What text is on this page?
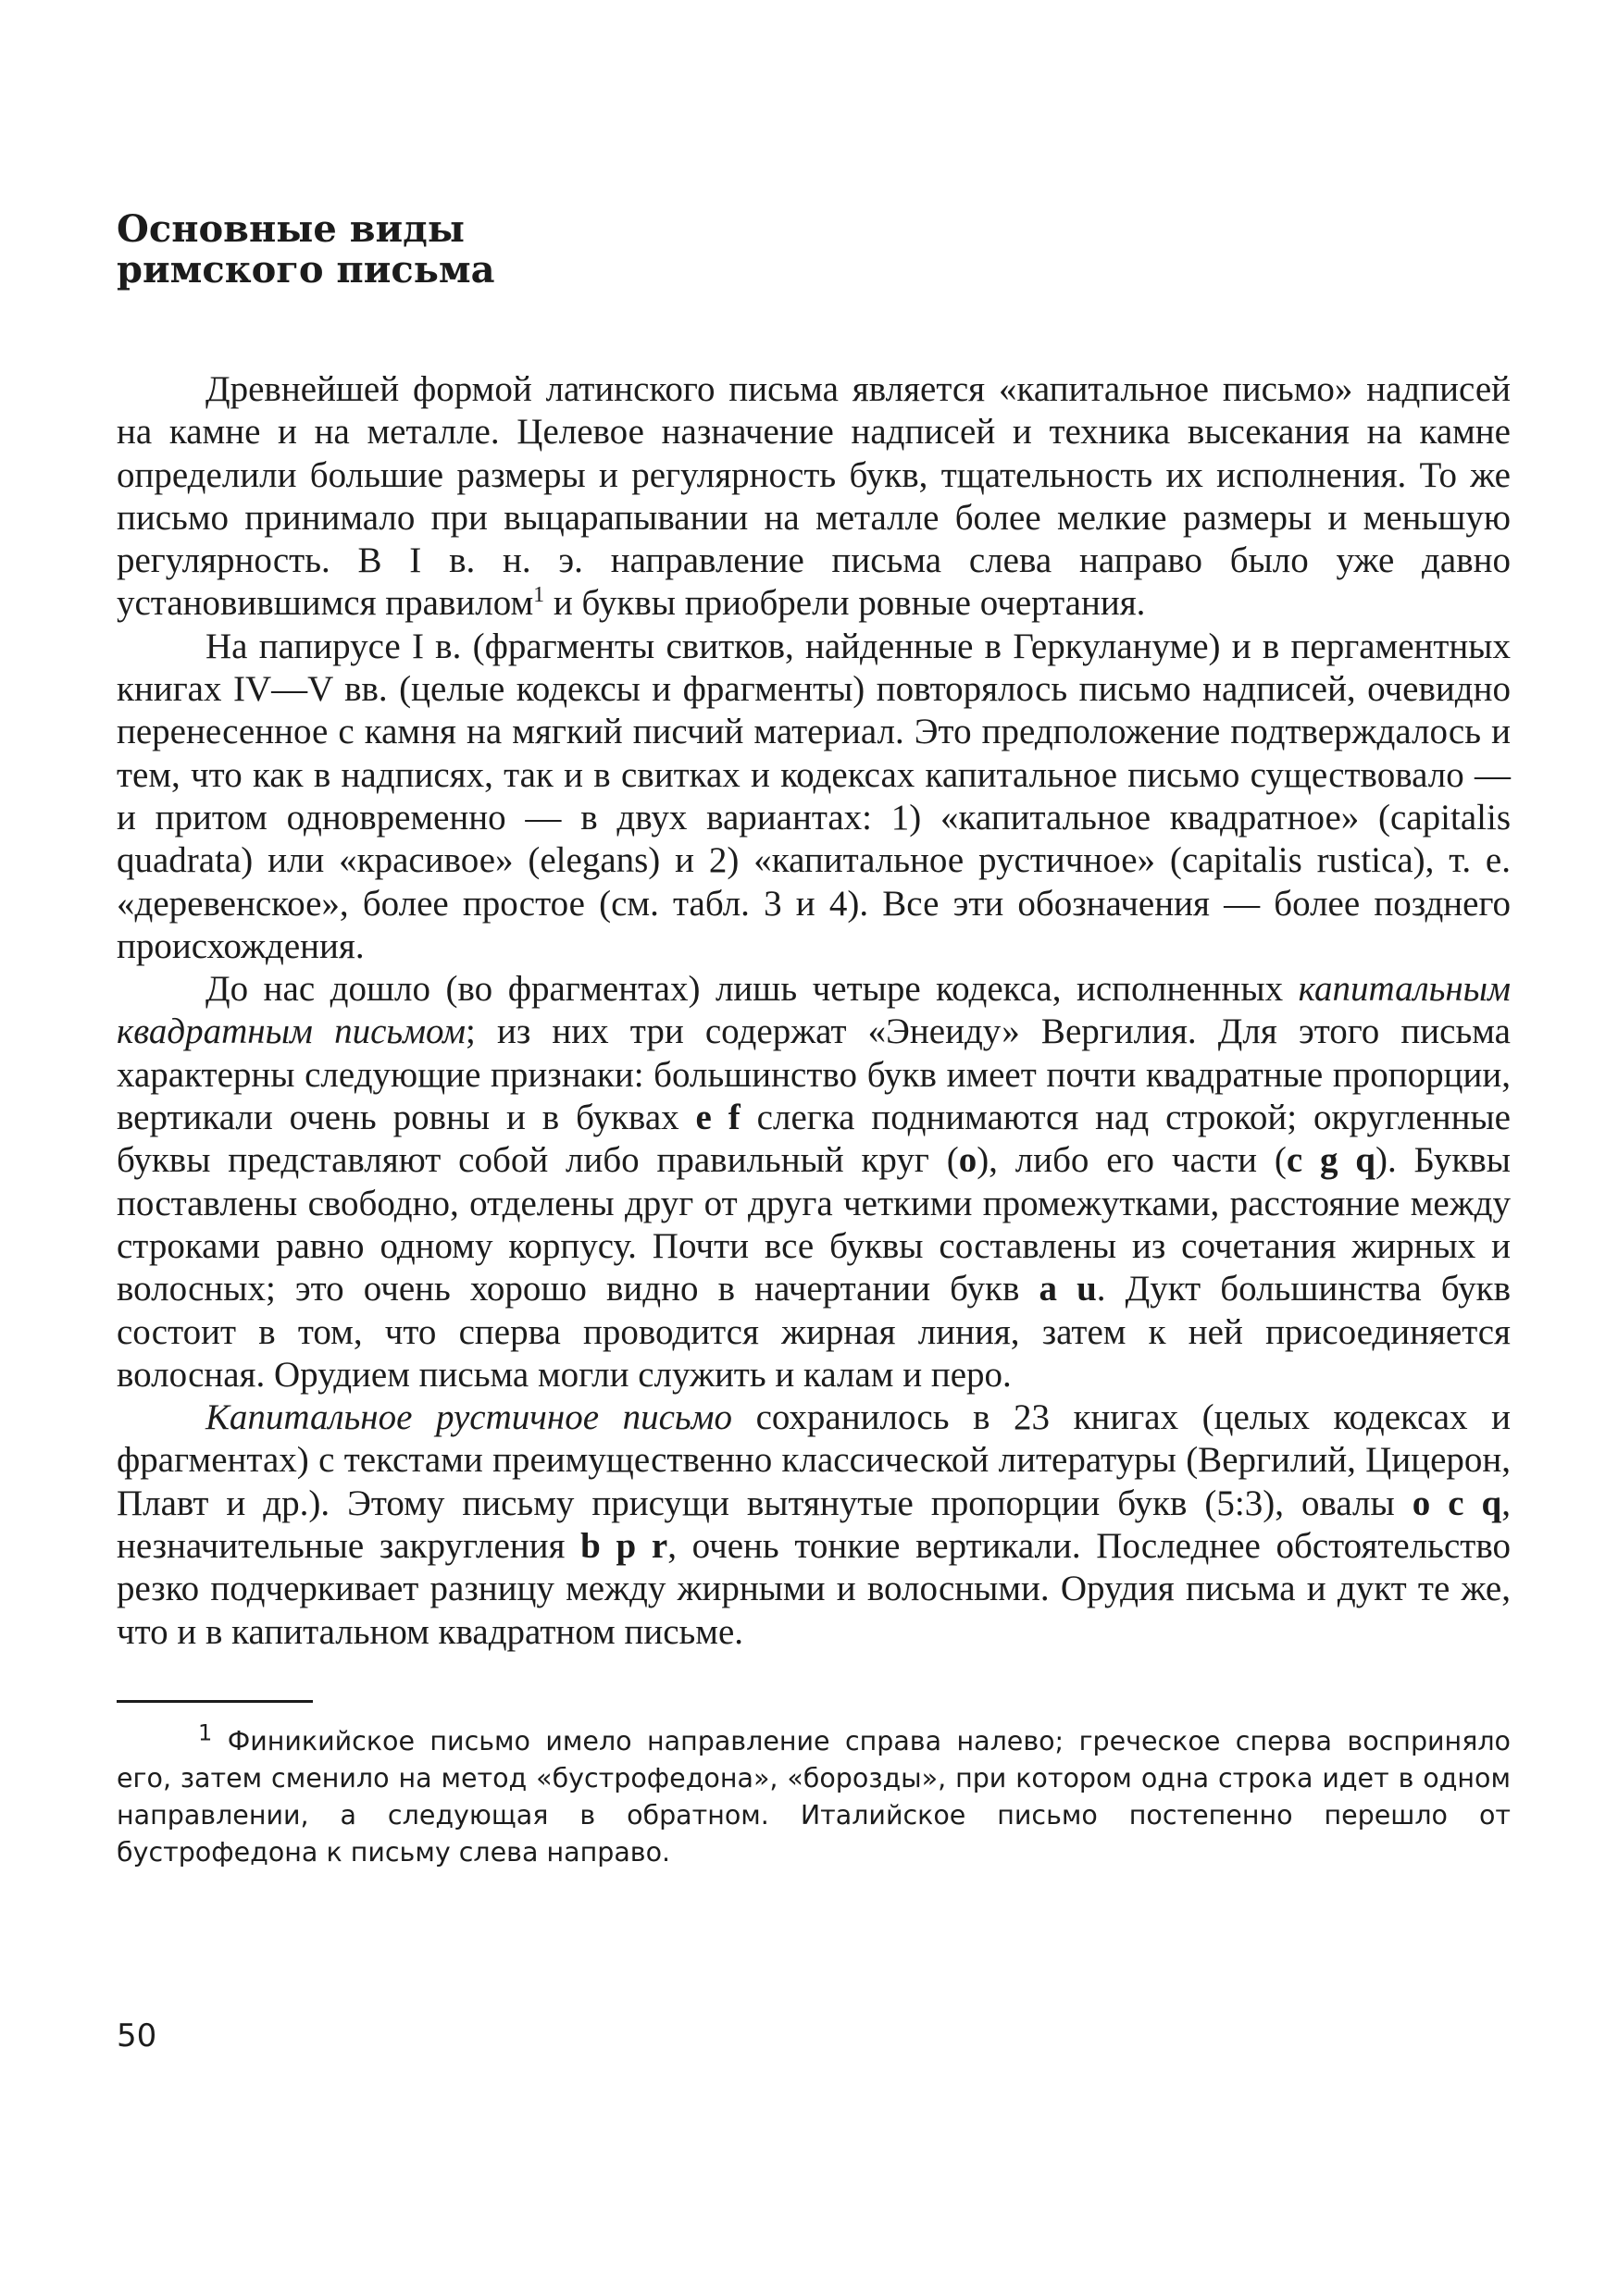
Основные виды
римского письма

Древнейшей формой латинского письма является «капитальное письмо» надписей на камне и на металле. Целевое назначение надписей и техника высекания на камне определили большие размеры и регулярность букв, тщательность их исполнения. То же письмо принимало при выцарапывании на металле более мелкие размеры и меньшую регулярность. В I в. н. э. направление письма слева направо было уже давно установившимся правилом$^1$ и буквы приобрели ровные очертания.

На папирусе I в. (фрагменты свитков, найденные в Геркулануме) и в пергаментных книгах IV—V вв. (целые кодексы и фрагменты) повторялось письмо надписей, очевидно перенесенное с камня на мягкий писчий материал. Это предположение подтверждалось и тем, что как в надписях, так и в свитках и кодексах капитальное письмо существовало — и притом одновременно — в двух вариантах: 1) «капитальное квадратное» (capitalis quadrata) или «красивое» (elegans) и 2) «капитальное рустичное» (capitalis rustica), т. е. «деревенское», более простое (см. табл. 3 и 4). Все эти обозначения — более позднего происхождения.

До нас дошло (во фрагментах) лишь четыре кодекса, исполненных капитальным квадратным письмом; из них три содержат «Энеиду» Вергилия. Для этого письма характерны следующие признаки: большинство букв имеет почти квадратные пропорции, вертикали очень ровны и в буквах e f слегка поднимаются над строкой; округленные буквы представляют собой либо правильный круг (o), либо его части (c g q). Буквы поставлены свободно, отделены друг от друга четкими промежутками, расстояние между строками равно одному корпусу. Почти все буквы составлены из сочетания жирных и волосных; это очень хорошо видно в начертании букв a u. Дукт большинства букв состоит в том, что сперва проводится жирная линия, затем к ней присоединяется волосная. Орудием письма могли служить и калам и перо.

Капитальное рустичное письмо сохранилось в 23 книгах (целых кодексах и фрагментах) с текстами преимущественно классической литературы (Вергилий, Цицерон, Плавт и др.). Этому письму присущи вытянутые пропорции букв (5:3), овалы o c q, незначительные закругления b p r, очень тонкие вертикали. Последнее обстоятельство резко подчеркивает разницу между жирными и волосными. Орудия письма и дукт те же, что и в капитальном квадратном письме.

$^1$ Финикийское письмо имело направление справа налево; греческое сперва восприняло его, затем сменило на метод «бустрофедона», «борозды», при котором одна строка идет в одном направлении, а следующая в обратном. Италийское письмо постепенно перешло от бустрофедона к письму слева направо.

50
